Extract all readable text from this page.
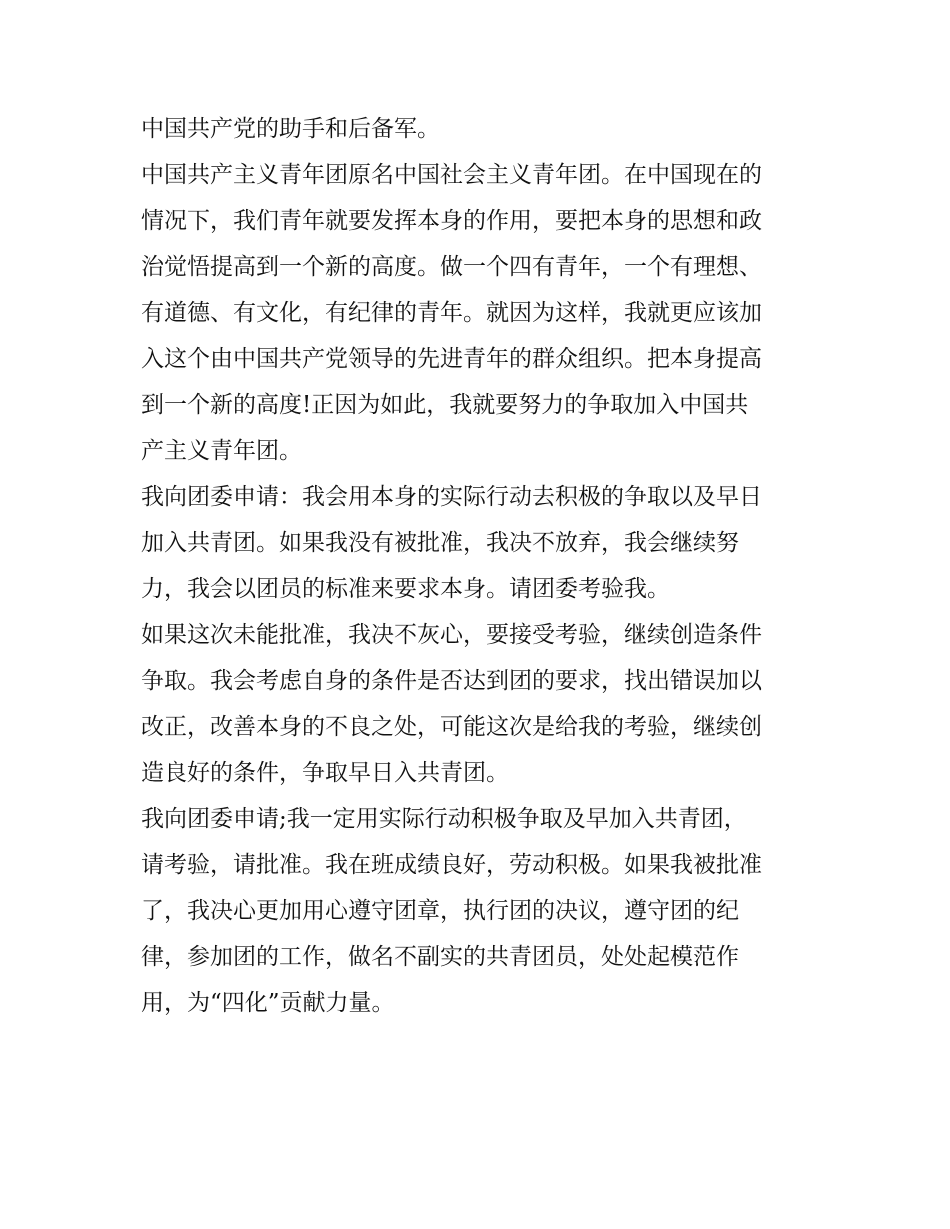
中国共产党的助手和后备军。
中国共产主义青年团原名中国社会主义青年团。在中国现在的
情况下，我们青年就要发挥本身的作用，要把本身的思想和政
治觉悟提高到一个新的高度。做一个四有青年，一个有理想、
有道德、有文化，有纪律的青年。就因为这样，我就更应该加
入这个由中国共产党领导的先进青年的群众组织。把本身提高
到一个新的高度!正因为如此，我就要努力的争取加入中国共
产主义青年团。
我向团委申请：我会用本身的实际行动去积极的争取以及早日
加入共青团。如果我没有被批准，我决不放弃，我会继续努
力，我会以团员的标准来要求本身。请团委考验我。
如果这次未能批准，我决不灰心，要接受考验，继续创造条件
争取。我会考虑自身的条件是否达到团的要求，找出错误加以
改正，改善本身的不良之处，可能这次是给我的考验，继续创
造良好的条件，争取早日入共青团。
我向团委申请;我一定用实际行动积极争取及早加入共青团，
请考验，请批准。我在班成绩良好，劳动积极。如果我被批准
了，我决心更加用心遵守团章，执行团的决议，遵守团的纪
律，参加团的工作，做名不副实的共青团员，处处起模范作
用，为“四化”贡献力量。
